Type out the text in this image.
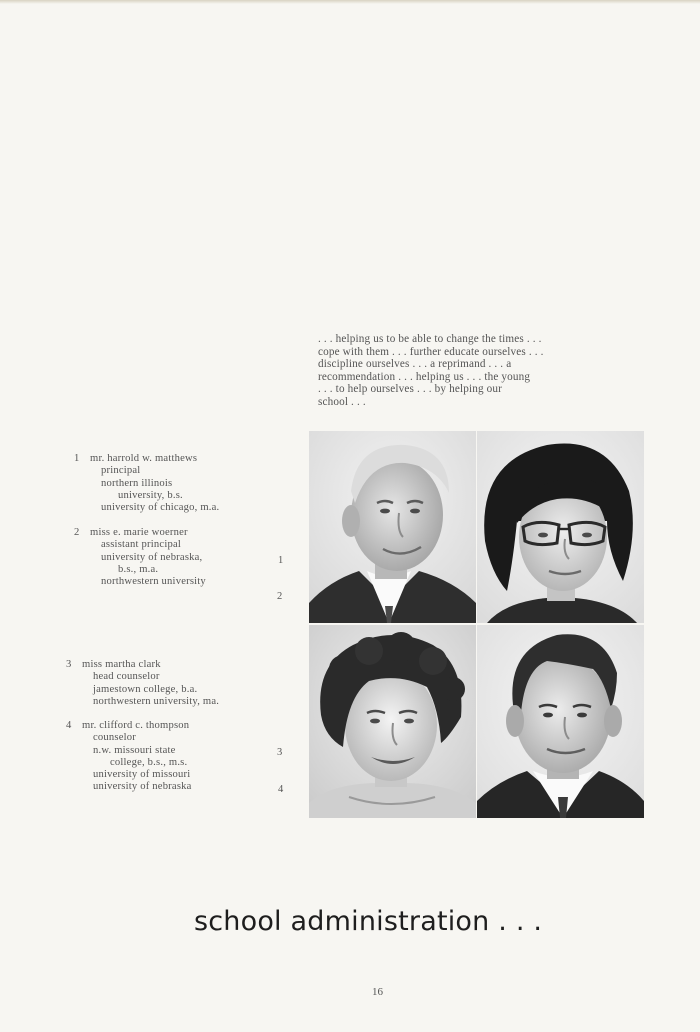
. . . helping us to be able to change the times . . .
cope with them . . . further educate ourselves . . .
discipline ourselves . . . a reprimand . . . a
recommendation . . . helping us . . . the young
. . . to help ourselves . . . by helping our
school . . .
1 mr. harrold w. matthews
principal
northern illinois
university, b.s.
university of chicago, m.a.
2 miss e. marie woerner
assistant principal
university of nebraska,
b.s., m.a.
northwestern university
3 miss martha clark
head counselor
jamestown college, b.a.
northwestern university, ma.
4 mr. clifford c. thompson
counselor
n.w. missouri state
college, b.s., m.s.
university of missouri
university of nebraska
1
2
3
4
school administration . . .
16
